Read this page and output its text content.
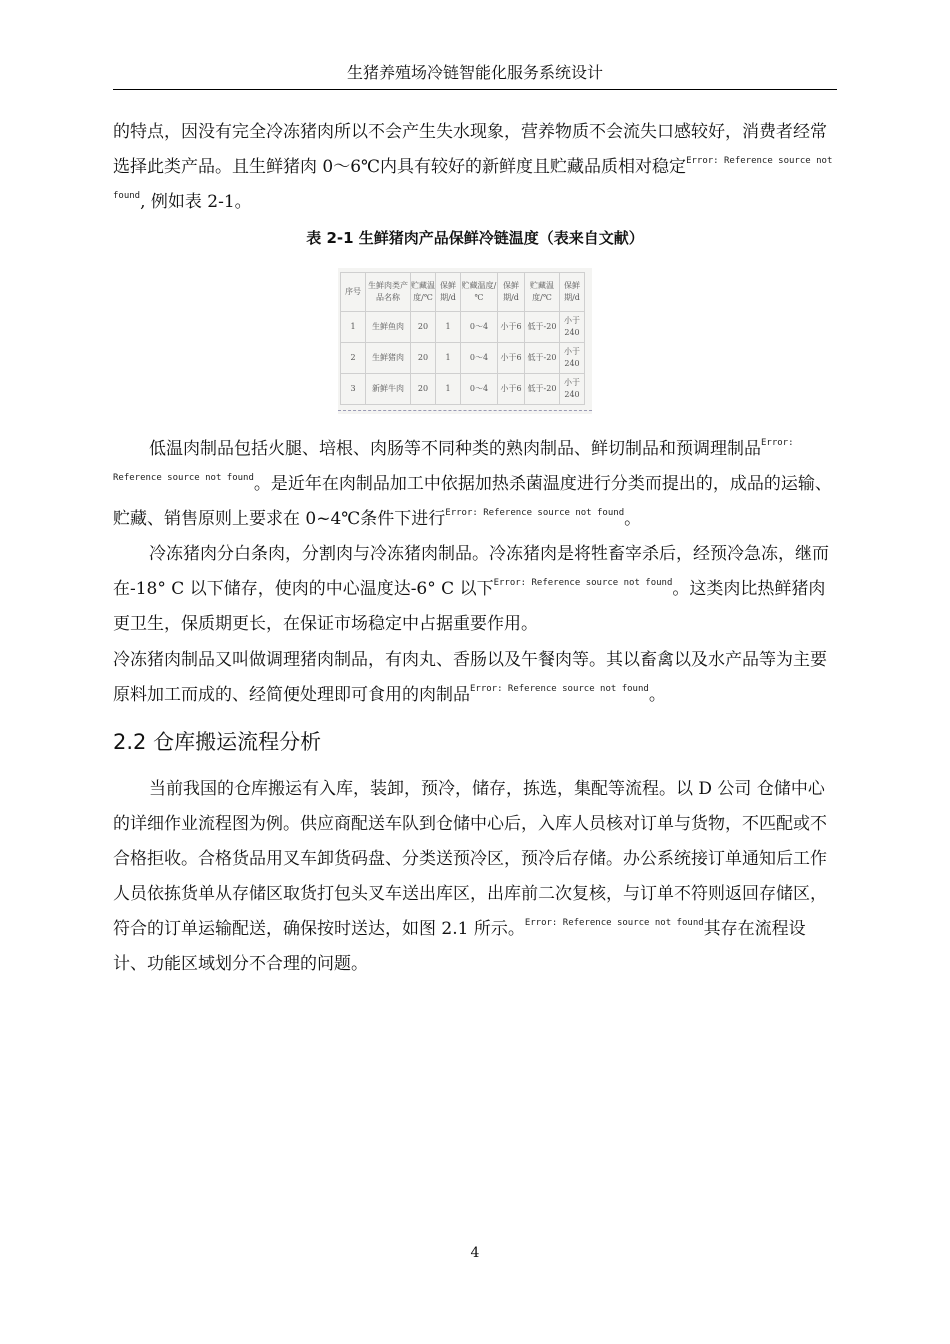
生猪养殖场冷链智能化服务系统设计

的特点，因没有完全冷冻猪肉所以不会产生失水现象，营养物质不会流失口感较好，消费者经常选择此类产品。且生鲜猪肉 0～6℃内具有较好的新鲜度且贮藏品质相对稳定$^{Error: Reference source not found}$, 例如表 2-1。

表 2-1 生鲜猪肉产品保鲜冷链温度（表来自文献）
序号	生鲜肉类产品名称	贮藏温度/℃	保鲜期/d	贮藏温度/℃	保鲜期/d	贮藏温度/℃	保鲜期/d
1	生鲜鱼肉	20	1	0～4	小于6	低于-20	小于240
2	生鲜猪肉	20	1	0～4	小于6	低于-20	小于240
3	新鲜牛肉	20	1	0～4	小于6	低于-20	小于240

低温肉制品包括火腿、培根、肉肠等不同种类的熟肉制品、鲜切制品和预调理制品$^{Error: Reference source not found}$。是近年在肉制品加工中依据加热杀菌温度进行分类而提出的，成品的运输、贮藏、销售原则上要求在 0~4℃条件下进行$^{Error: Reference source not found}$。

冷冻猪肉分白条肉，分割肉与冷冻猪肉制品。冷冻猪肉是将牲畜宰杀后，经预冷急冻，继而在-18° C 以下储存，使肉的中心温度达-6° C 以下$^{Error: Reference source not found}$。这类肉比热鲜猪肉更卫生，保质期更长，在保证市场稳定中占据重要作用。

冷冻猪肉制品又叫做调理猪肉制品，有肉丸、香肠以及午餐肉等。其以畜禽以及水产品等为主要原料加工而成的、经简便处理即可食用的肉制品$^{Error: Reference source not found}$。

2.2 仓库搬运流程分析

当前我国的仓库搬运有入库，装卸，预冷，储存，拣选，集配等流程。以 D 公司 仓储中心的详细作业流程图为例。供应商配送车队到仓储中心后，入库人员核对订单与货物，不匹配或不合格拒收。合格货品用叉车卸货码盘、分类送预冷区，预冷后存储。办公系统接订单通知后工作人员依拣货单从存储区取货打包头叉车送出库区，出库前二次复核，与订单不符则返回存储区，符合的订单运输配送，确保按时送达，如图 2.1 所示。$^{Error: Reference source not found}$其存在流程设计、功能区域划分不合理的问题。

4
